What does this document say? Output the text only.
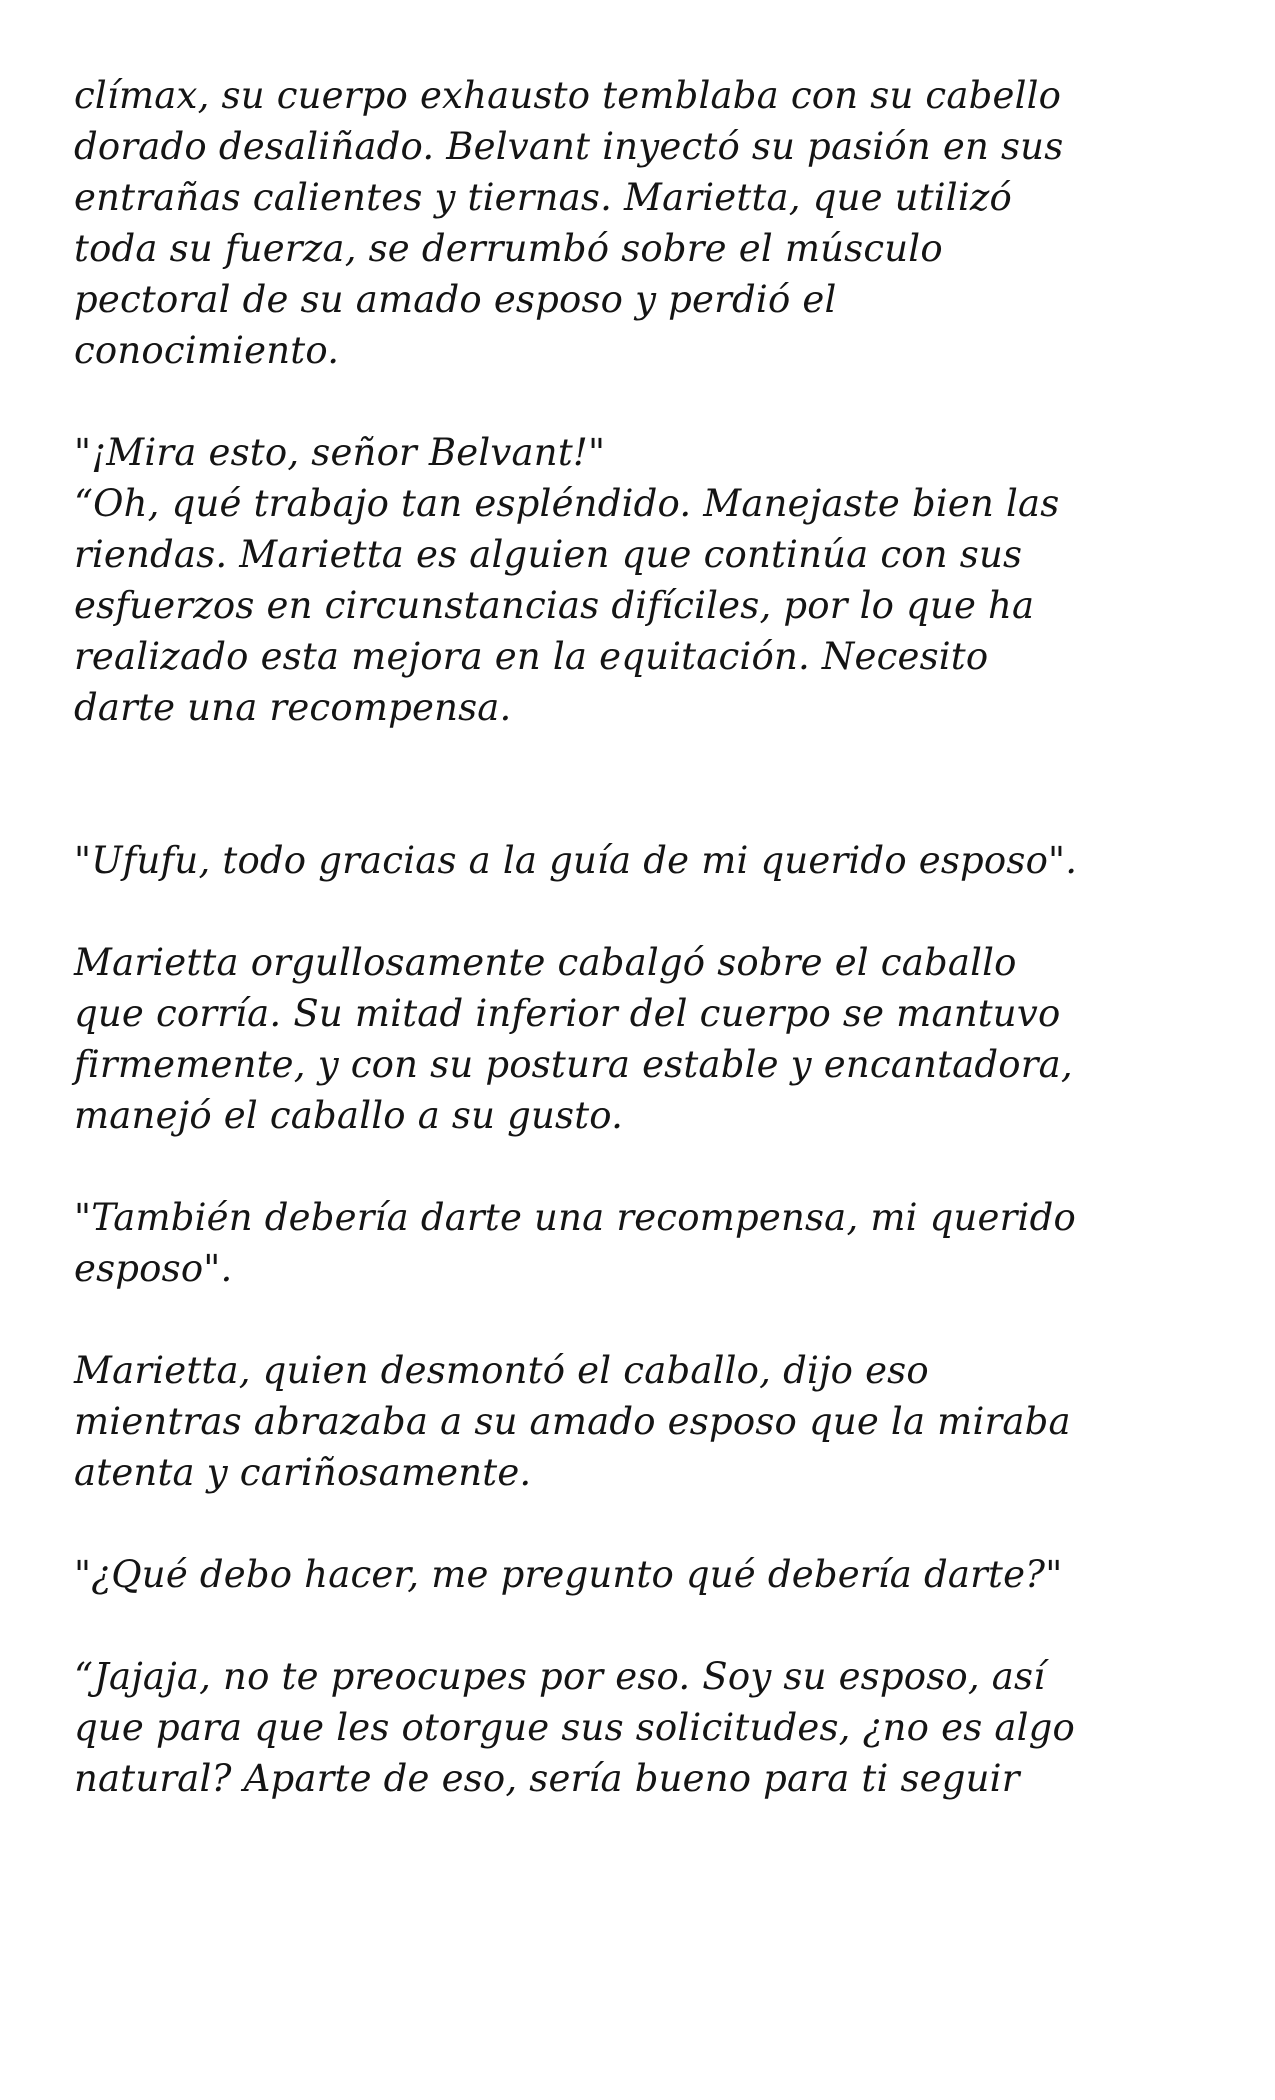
clímax, su cuerpo exhausto temblaba con su cabello
dorado desaliñado. Belvant inyectó su pasión en sus
entrañas calientes y tiernas. Marietta, que utilizó
toda su fuerza, se derrumbó sobre el músculo
pectoral de su amado esposo y perdió el
conocimiento.

"¡Mira esto, señor Belvant!"

“Oh, qué trabajo tan espléndido. Manejaste bien las
riendas. Marietta es alguien que continúa con sus
esfuerzos en circunstancias difíciles, por lo que ha
realizado esta mejora en la equitación. Necesito
darte una recompensa.

"Ufufu, todo gracias a la guía de mi querido esposo".

Marietta orgullosamente cabalgó sobre el caballo
que corría. Su mitad inferior del cuerpo se mantuvo
firmemente, y con su postura estable y encantadora,
manejó el caballo a su gusto.

"También debería darte una recompensa, mi querido
esposo".

Marietta, quien desmontó el caballo, dijo eso
mientras abrazaba a su amado esposo que la miraba
atenta y cariñosamente.

"¿Qué debo hacer, me pregunto qué debería darte?"

“Jajaja, no te preocupes por eso. Soy su esposo, así
que para que les otorgue sus solicitudes, ¿no es algo
natural? Aparte de eso, sería bueno para ti seguir
